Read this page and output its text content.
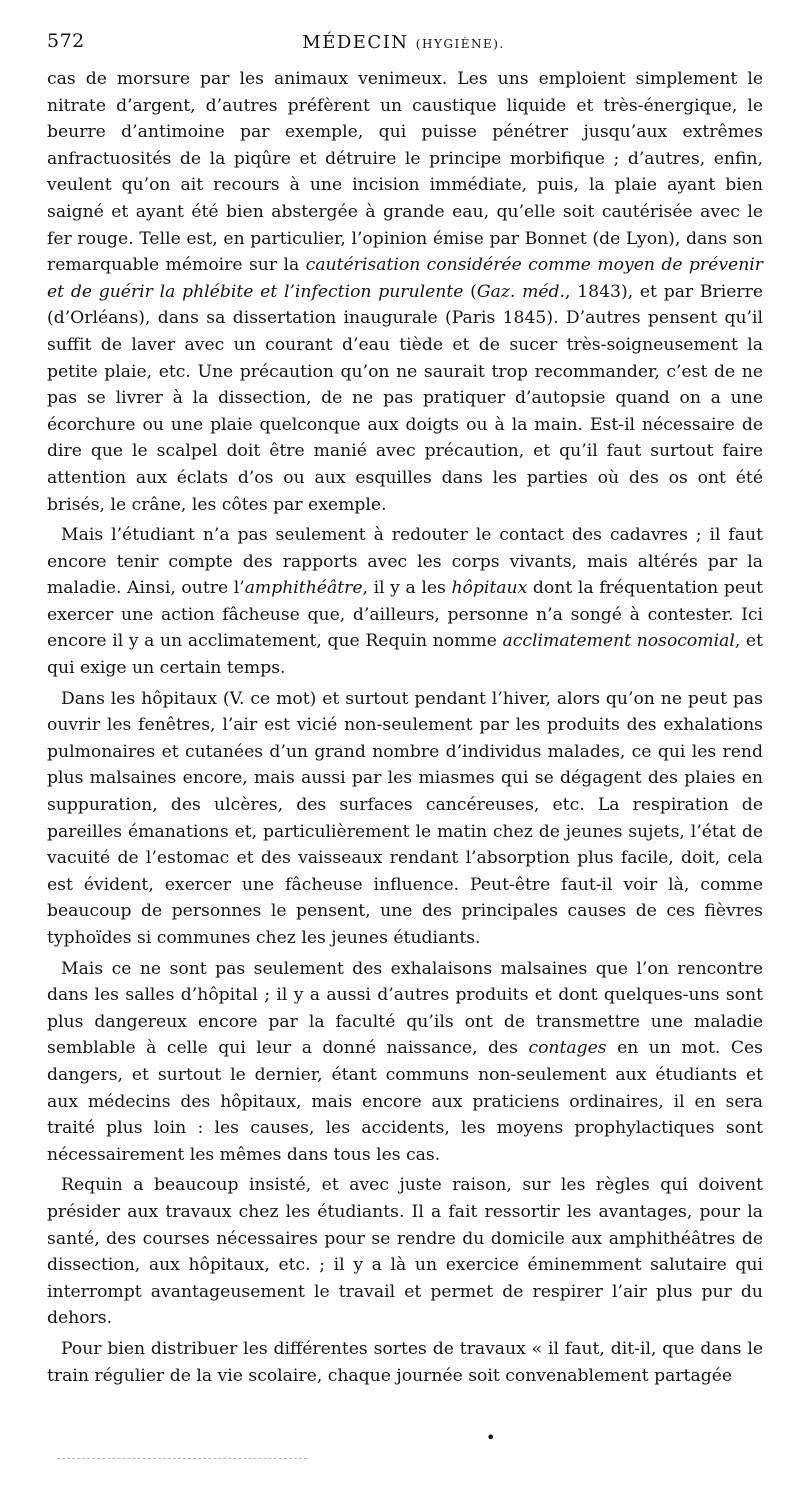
572	MÉDECIN (HYGIÈNE).

cas de morsure par les animaux venimeux. Les uns emploient simplement le nitrate d’argent, d’autres préfèrent un caustique liquide et très-énergique, le beurre d’antimoine par exemple, qui puisse pénétrer jusqu’aux extrêmes anfractuosités de la piqûre et détruire le principe morbifique ; d’autres, enfin, veulent qu’on ait recours à une incision immédiate, puis, la plaie ayant bien saigné et ayant été bien abstergée à grande eau, qu’elle soit cautérisée avec le fer rouge. Telle est, en particulier, l’opinion émise par Bonnet (de Lyon), dans son remarquable mémoire sur la cautérisation considérée comme moyen de prévenir et de guérir la phlébite et l’infection purulente (Gaz. méd., 1843), et par Brierre (d’Orléans), dans sa dissertation inaugurale (Paris 1845). D’autres pensent qu’il suffit de laver avec un courant d’eau tiède et de sucer très-soigneusement la petite plaie, etc. Une précaution qu’on ne saurait trop recommander, c’est de ne pas se livrer à la dissection, de ne pas pratiquer d’autopsie quand on a une écorchure ou une plaie quelconque aux doigts ou à la main. Est-il nécessaire de dire que le scalpel doit être manié avec précaution, et qu’il faut surtout faire attention aux éclats d’os ou aux esquilles dans les parties où des os ont été brisés, le crâne, les côtes par exemple.

Mais l’étudiant n’a pas seulement à redouter le contact des cadavres ; il faut encore tenir compte des rapports avec les corps vivants, mais altérés par la maladie. Ainsi, outre l’amphithéâtre, il y a les hôpitaux dont la fréquentation peut exercer une action fâcheuse que, d’ailleurs, personne n’a songé à contester. Ici encore il y a un acclimatement, que Requin nomme acclimatement nosocomial, et qui exige un certain temps.

Dans les hôpitaux (V. ce mot) et surtout pendant l’hiver, alors qu’on ne peut pas ouvrir les fenêtres, l’air est vicié non-seulement par les produits des exhalations pulmonaires et cutanées d’un grand nombre d’individus malades, ce qui les rend plus malsaines encore, mais aussi par les miasmes qui se dégagent des plaies en suppuration, des ulcères, des surfaces cancéreuses, etc. La respiration de pareilles émanations et, particulièrement le matin chez de jeunes sujets, l’état de vacuité de l’estomac et des vaisseaux rendant l’absorption plus facile, doit, cela est évident, exercer une fâcheuse influence. Peut-être faut-il voir là, comme beaucoup de personnes le pensent, une des principales causes de ces fièvres typhoïdes si communes chez les jeunes étudiants.

Mais ce ne sont pas seulement des exhalaisons malsaines que l’on rencontre dans les salles d’hôpital ; il y a aussi d’autres produits et dont quelques-uns sont plus dangereux encore par la faculté qu’ils ont de transmettre une maladie semblable à celle qui leur a donné naissance, des contages en un mot. Ces dangers, et surtout le dernier, étant communs non-seulement aux étudiants et aux médecins des hôpitaux, mais encore aux praticiens ordinaires, il en sera traité plus loin : les causes, les accidents, les moyens prophylactiques sont nécessairement les mêmes dans tous les cas.

Requin a beaucoup insisté, et avec juste raison, sur les règles qui doivent présider aux travaux chez les étudiants. Il a fait ressortir les avantages, pour la santé, des courses nécessaires pour se rendre du domicile aux amphithéâtres de dissection, aux hôpitaux, etc. ; il y a là un exercice éminemment salutaire qui interrompt avantageusement le travail et permet de respirer l’air plus pur du dehors.

Pour bien distribuer les différentes sortes de travaux « il faut, dit-il, que dans le train régulier de la vie scolaire, chaque journée soit convenablement partagée

•
